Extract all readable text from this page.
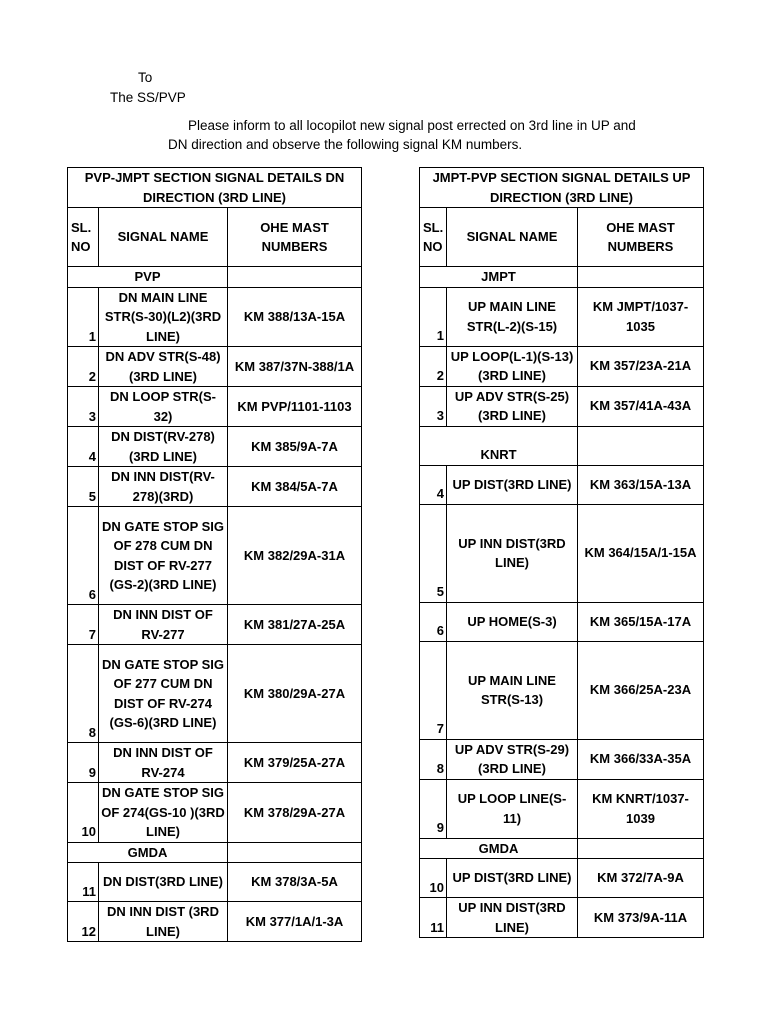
To
The SS/PVP
Please inform to all locopilot new signal post errected on 3rd line in UP and
DN direction and observe the following signal KM numbers.
PVP-JMPT SECTION SIGNAL DETAILS DN DIRECTION (3RD LINE)		
SL. NO	SIGNAL NAME	OHE MAST NUMBERS
PVP		
1	DN MAIN LINE STR(S-30)(L2)(3RD LINE)	KM 388/13A-15A
2	DN ADV STR(S-48)(3RD LINE)	KM 387/37N-388/1A
3	DN LOOP STR(S-32)	KM PVP/1101-1103
4	DN DIST(RV-278)(3RD LINE)	KM 385/9A-7A
5	DN INN DIST(RV-278)(3RD)	KM 384/5A-7A
6	DN GATE STOP SIG OF 278 CUM DN DIST OF RV-277 (GS-2)(3RD LINE)	KM 382/29A-31A
7	DN INN DIST OF RV-277	KM 381/27A-25A
8	DN GATE STOP SIG OF 277 CUM DN DIST OF RV-274 (GS-6)(3RD LINE)	KM 380/29A-27A
9	DN INN DIST OF RV-274	KM 379/25A-27A
10	DN GATE STOP SIG OF 274(GS-10 )(3RD LINE)	KM 378/29A-27A
GMDA		
11	DN DIST(3RD LINE)	KM 378/3A-5A
12	DN INN DIST (3RD LINE)	KM 377/1A/1-3A
JMPT-PVP SECTION SIGNAL DETAILS UP DIRECTION (3RD LINE)		
SL. NO	SIGNAL NAME	OHE MAST NUMBERS
JMPT		
1	UP MAIN LINE STR(L-2)(S-15)	KM JMPT/1037-1035
2	UP LOOP(L-1)(S-13)(3RD LINE)	KM 357/23A-21A
3	UP ADV STR(S-25)(3RD LINE)	KM 357/41A-43A
KNRT		
4	UP DIST(3RD LINE)	KM 363/15A-13A
5	UP INN DIST(3RD LINE)	KM 364/15A/1-15A
6	UP HOME(S-3)	KM 365/15A-17A
7	UP MAIN LINE STR(S-13)	KM 366/25A-23A
8	UP ADV STR(S-29)(3RD LINE)	KM 366/33A-35A
9	UP LOOP LINE(S-11)	KM KNRT/1037-1039
GMDA		
10	UP DIST(3RD LINE)	KM 372/7A-9A
11	UP INN DIST(3RD LINE)	KM 373/9A-11A
